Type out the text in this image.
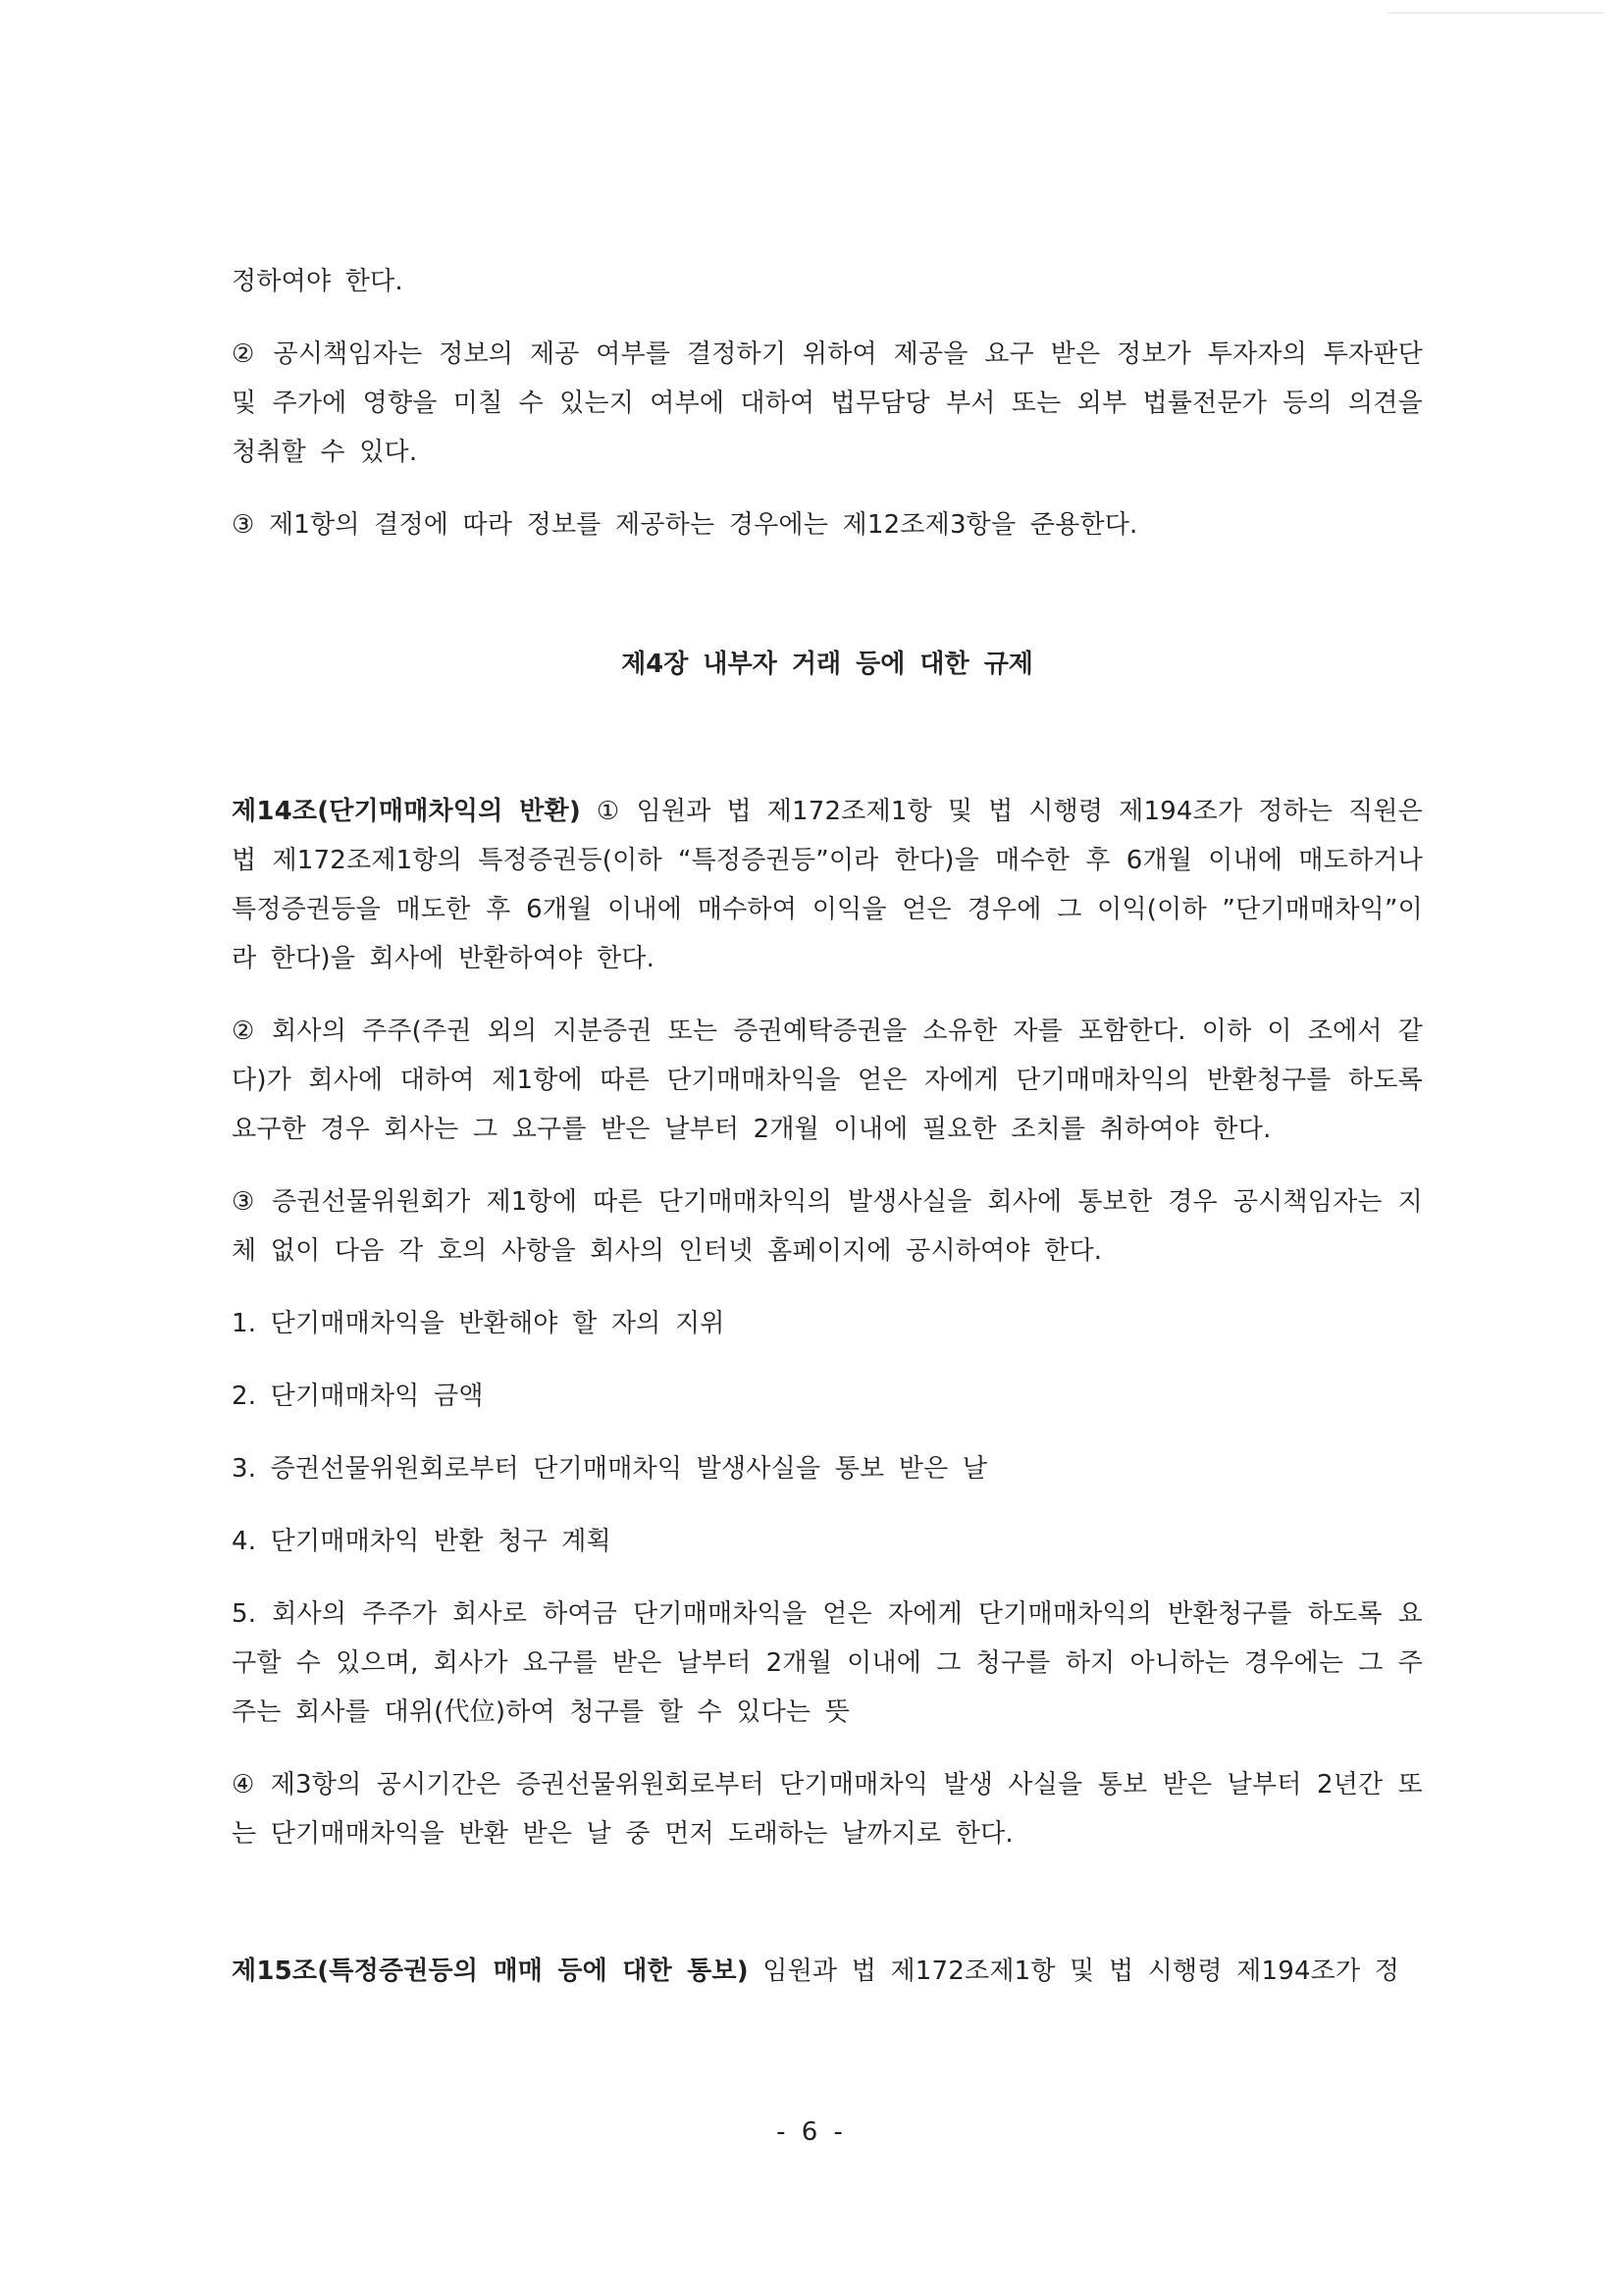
정하여야 한다.

② 공시책임자는 정보의 제공 여부를 결정하기 위하여 제공을 요구 받은 정보가 투자자의 투자판단 및 주가에 영향을 미칠 수 있는지 여부에 대하여 법무담당 부서 또는 외부 법률전문가 등의 의견을 청취할 수 있다.

③ 제1항의 결정에 따라 정보를 제공하는 경우에는 제12조제3항을 준용한다.

제4장 내부자 거래 등에 대한 규제

제14조(단기매매차익의 반환) ① 임원과 법 제172조제1항 및 법 시행령 제194조가 정하는 직원은 법 제172조제1항의 특정증권등(이하 “특정증권등”이라 한다)을 매수한 후 6개월 이내에 매도하거나 특정증권등을 매도한 후 6개월 이내에 매수하여 이익을 얻은 경우에 그 이익(이하 ”단기매매차익”이라 한다)을 회사에 반환하여야 한다.

② 회사의 주주(주권 외의 지분증권 또는 증권예탁증권을 소유한 자를 포함한다. 이하 이 조에서 같다)가 회사에 대하여 제1항에 따른 단기매매차익을 얻은 자에게 단기매매차익의 반환청구를 하도록 요구한 경우 회사는 그 요구를 받은 날부터 2개월 이내에 필요한 조치를 취하여야 한다.

③ 증권선물위원회가 제1항에 따른 단기매매차익의 발생사실을 회사에 통보한 경우 공시책임자는 지체 없이 다음 각 호의 사항을 회사의 인터넷 홈페이지에 공시하여야 한다.

1. 단기매매차익을 반환해야 할 자의 지위

2. 단기매매차익 금액

3. 증권선물위원회로부터 단기매매차익 발생사실을 통보 받은 날

4. 단기매매차익 반환 청구 계획

5. 회사의 주주가 회사로 하여금 단기매매차익을 얻은 자에게 단기매매차익의 반환청구를 하도록 요구할 수 있으며, 회사가 요구를 받은 날부터 2개월 이내에 그 청구를 하지 아니하는 경우에는 그 주주는 회사를 대위(代位)하여 청구를 할 수 있다는 뜻

④ 제3항의 공시기간은 증권선물위원회로부터 단기매매차익 발생 사실을 통보 받은 날부터 2년간 또는 단기매매차익을 반환 받은 날 중 먼저 도래하는 날까지로 한다.

제15조(특정증권등의 매매 등에 대한 통보) 임원과 법 제172조제1항 및 법 시행령 제194조가 정

- 6 -
